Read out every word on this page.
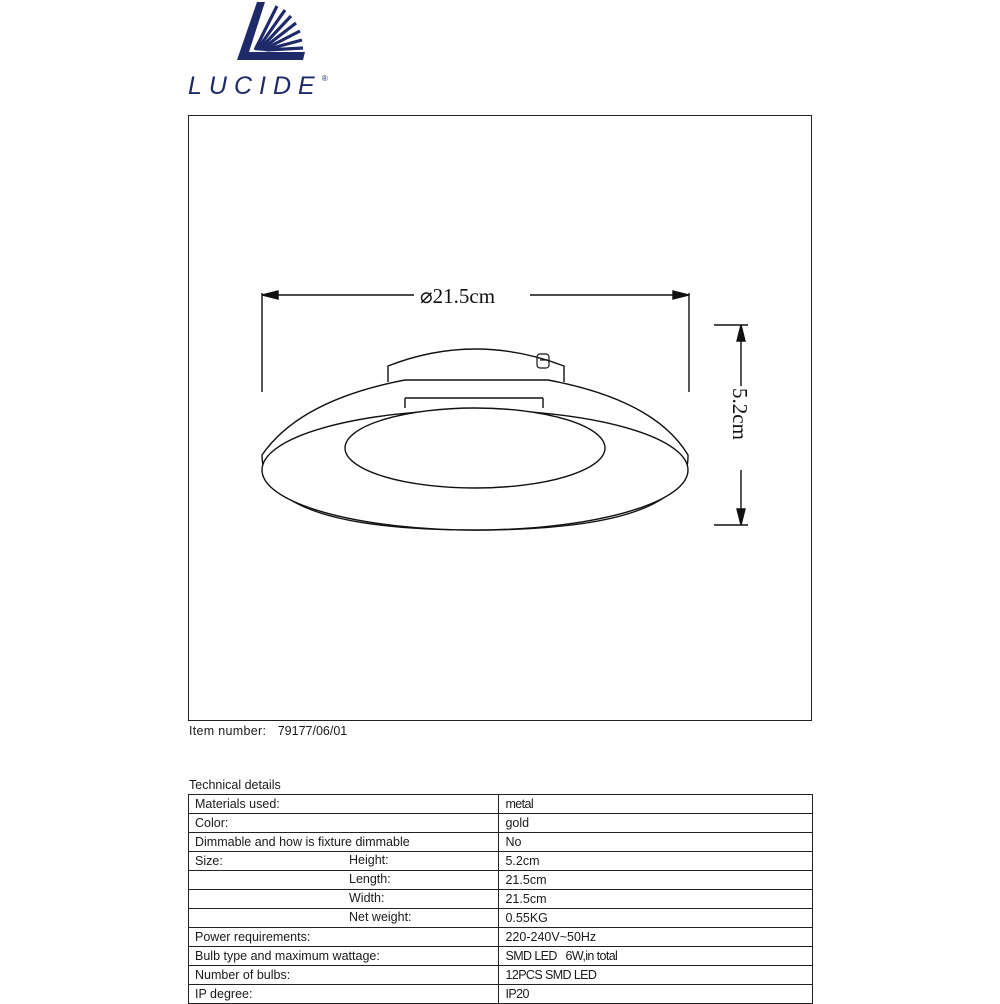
LUCIDE®
⌀21.5cm
5.2cm
Item number: 79177/06/01
Technical details
Materials used:	metal
Color:	gold
Dimmable and how is fixture dimmable	No
Size: Height:	5.2cm

Length:	21.5cm

Width:	21.5cm

Net weight:	0.55KG
Power requirements:	220-240V~50Hz
Bulb type and maximum wattage:	SMD LED   6W,in total
Number of bulbs:	12PCS SMD LED
IP degree:	IP20
